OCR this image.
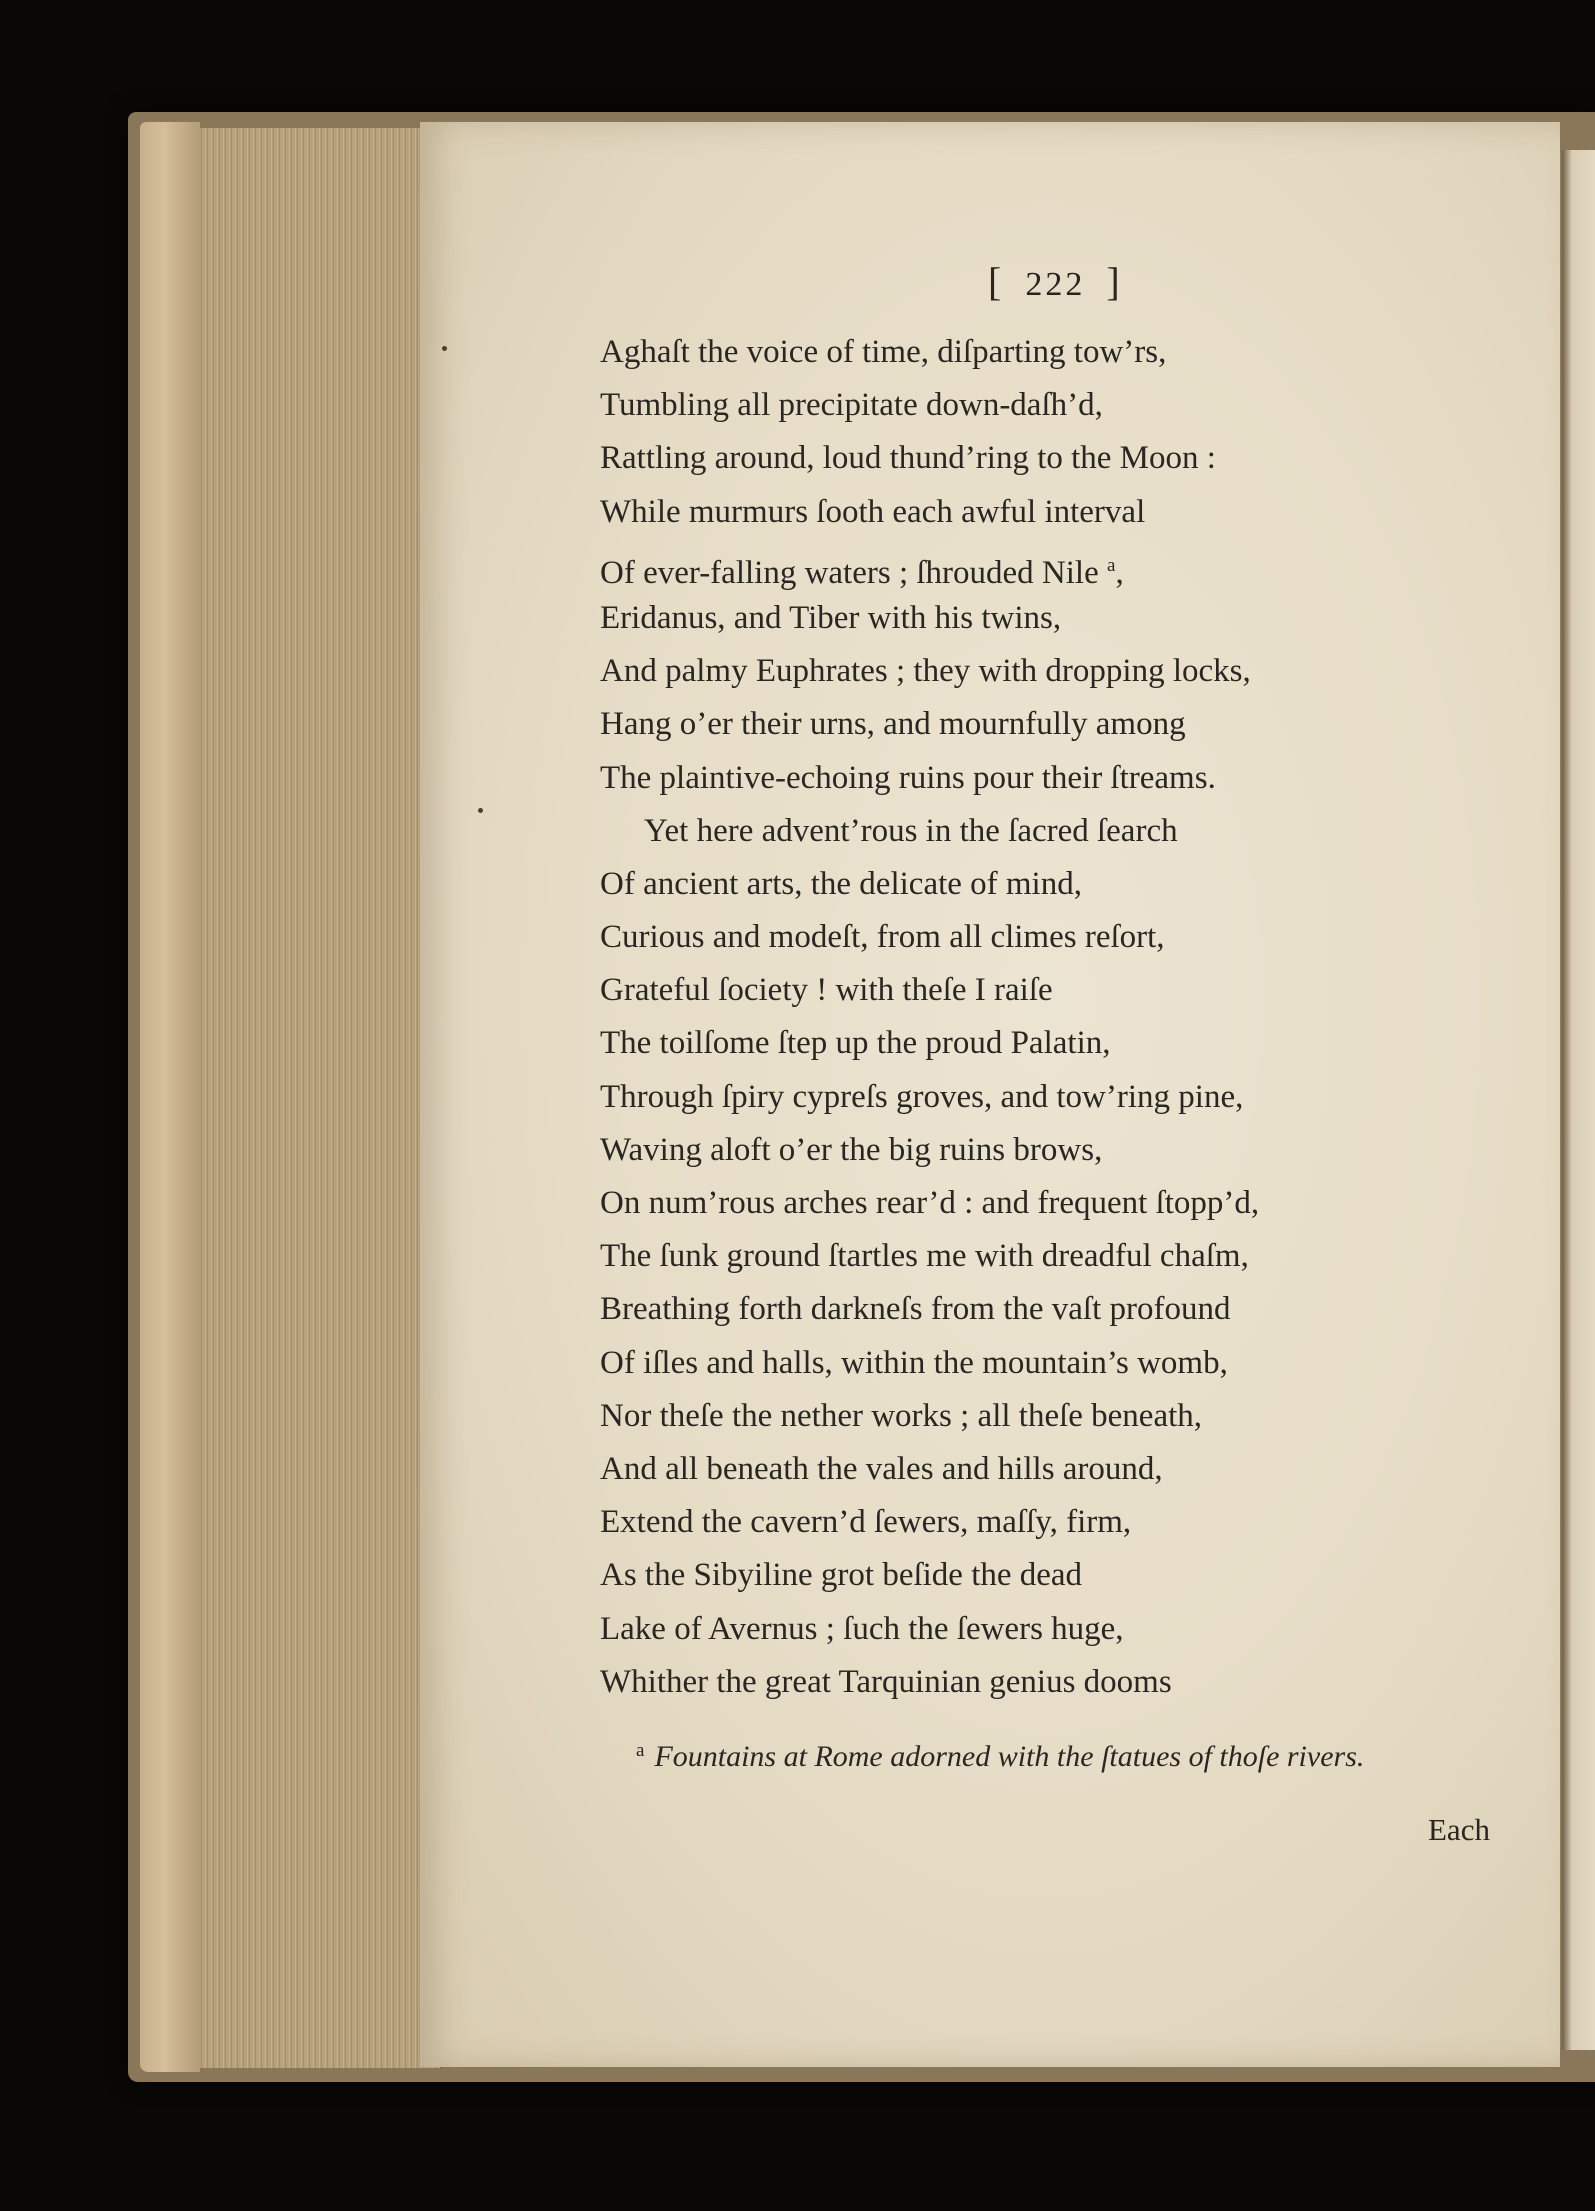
[ 222 ]
Aghaſt the voice of time, diſparting tow’rs,
Tumbling all precipitate down-daſh’d,
Rattling around, loud thund’ring to the Moon :
While murmurs ſooth each awful interval
Of ever-falling waters ; ſhrouded Nile $^a$,
Eridanus, and Tiber with his twins,
And palmy Euphrates ; they with dropping locks,
Hang o’er their urns, and mournfully among
The plaintive-echoing ruins pour their ſtreams.
Yet here advent’rous in the ſacred ſearch
Of ancient arts, the delicate of mind,
Curious and modeſt, from all climes reſort,
Grateful ſociety ! with theſe I raiſe
The toilſome ſtep up the proud Palatin,
Through ſpiry cypreſs groves, and tow’ring pine,
Waving aloft o’er the big ruins brows,
On num’rous arches rear’d : and frequent ſtopp’d,
The ſunk ground ſtartles me with dreadful chaſm,
Breathing forth darkneſs from the vaſt profound
Of iſles and halls, within the mountain’s womb,
Nor theſe the nether works ; all theſe beneath,
And all beneath the vales and hills around,
Extend the cavern’d ſewers, maſſy, firm,
As the Sibyiline grot beſide the dead
Lake of Avernus ; ſuch the ſewers huge,
Whither the great Tarquinian genius dooms
$^a$ Fountains at Rome adorned with the ſtatues of thoſe rivers.
Each
